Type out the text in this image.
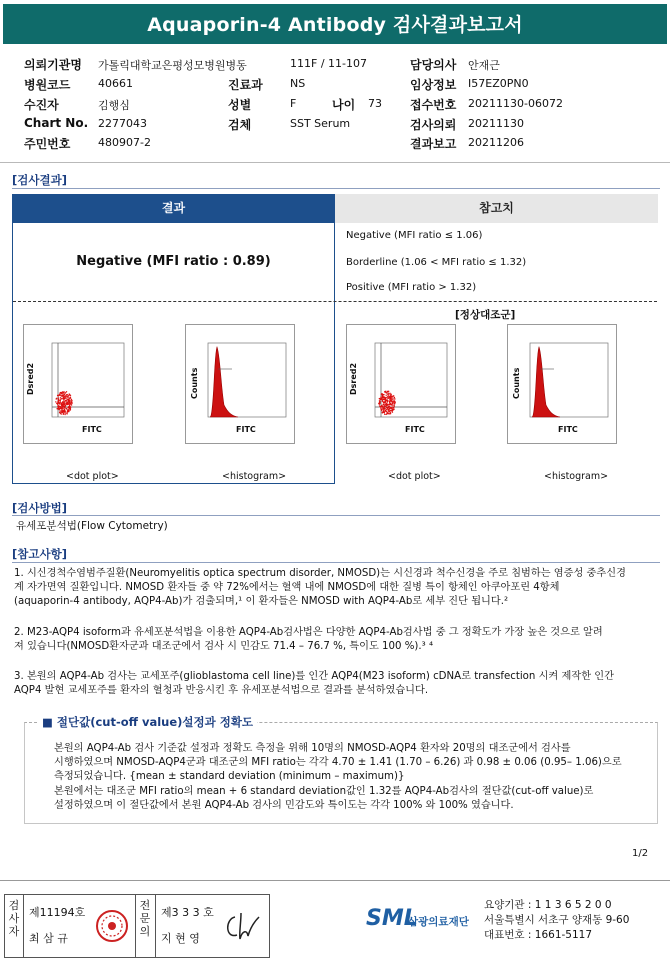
Aquaporin-4 Antibody 검사결과보고서
의뢰기관명 가톨릭대학교은평성모병원병동	111F / 11-107	담당의사 안재근
병원코드	40661	진료과 NS	임상정보 I57EZ0PN0
수진자	김행심	성별	F	나이 73 접수번호 20211130-06072
Chart No. 2277043	검체	SST Serum	검사의뢰 20211130
주민번호	480907-2	결과보고 20211206
[검사결과]
결과	참고치
Negative (MFI ratio : 0.89)
Negative (MFI ratio ≤ 1.06)
Borderline (1.06 < MFI ratio ≤ 1.32)
Positive (MFI ratio > 1.32)
[정상대조군]
Dsred2
FITC
Counts
FITC
Dsred2
FITC
Counts
FITC
<dot plot>	<histogram>	<dot plot>	<histogram>
[검사방법]
유세포분석법(Flow Cytometry)
[참고사항]
1. 시신경척수염범주질환(Neuromyelitis optica spectrum disorder, NMOSD)는 시신경과 척수신경을 주로 침범하는 염증성 중추신경
계 자가면역 질환입니다. NMOSD 환자들 중 약 72%에서는 혈액 내에 NMOSD에 대한 질병 특이 항체인 아쿠아포린 4항체
(aquaporin-4 antibody, AQP4-Ab)가 검출되며,¹ 이 환자들은 NMOSD with AQP4-Ab로 세부 진단 됩니다.²
2. M23-AQP4 isoform과 유세포분석법을 이용한 AQP4-Ab검사법은 다양한 AQP4-Ab검사법 중 그 정확도가 가장 높은 것으로 알려
져 있습니다(NMOSD환자군과 대조군에서 검사 시 민감도 71.4 – 76.7 %, 특이도 100 %).³ ⁴
3. 본원의 AQP4-Ab 검사는 교세포주(glioblastoma cell line)를 인간 AQP4(M23 isoform) cDNA로 transfection 시켜 제작한 인간
AQP4 발현 교세포주를 환자의 혈청과 반응시킨 후 유세포분석법으로 결과를 분석하였습니다.
■ 절단값(cut-off value)설정과 정확도
본원의 AQP4-Ab 검사 기준값 설정과 정확도 측정을 위해 10명의 NMOSD-AQP4 환자와 20명의 대조군에서 검사를
시행하였으며 NMOSD-AQP4군과 대조군의 MFI ratio는 각각 4.70 ± 1.41 (1.70 – 6.26) 과 0.98 ± 0.06 (0.95– 1.06)으로
측정되었습니다. {mean ± standard deviation (minimum – maximum)}
본원에서는 대조군 MFI ratio의 mean + 6 standard deviation값인 1.32를 AQP4-Ab검사의 절단값(cut-off value)로
설정하였으며 이 절단값에서 본원 AQP4-Ab 검사의 민감도와 특이도는 각각 100% 와 100% 였습니다.
1/2
검사자
제11194호
최 삼 규
전문의
제3 3 3 호
지 현 영
SML
삼광의료재단
요양기관 : 1 1 3 6 5 2 0 0
서울특별시 서초구 양재동 9-60
대표번호 : 1661-5117
